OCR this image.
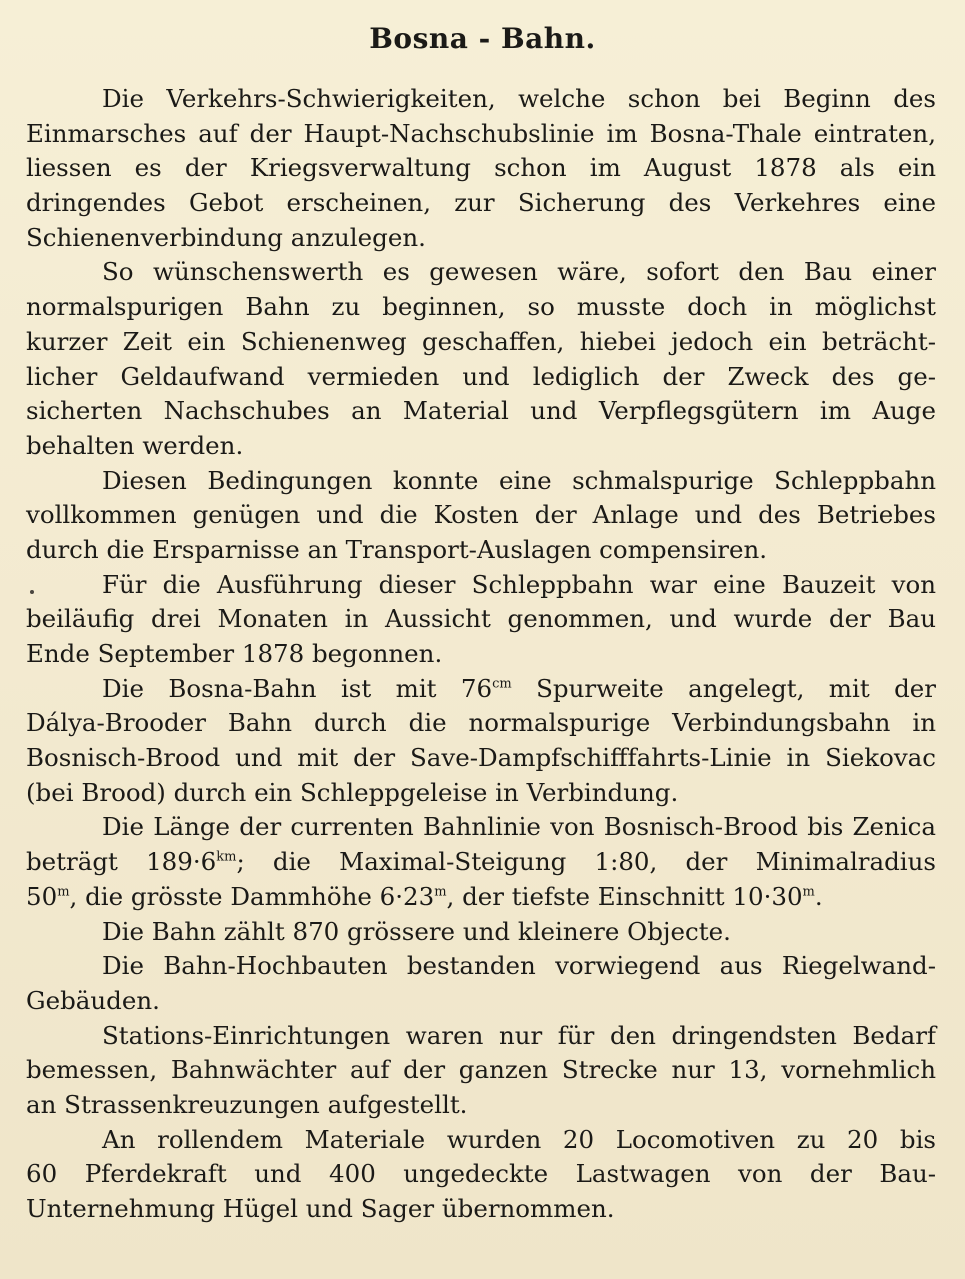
Bosna - Bahn.
Die Verkehrs-Schwierigkeiten, welche schon bei Beginn des
Einmarsches auf der Haupt-Nachschubslinie im Bosna-Thale eintraten,
liessen es der Kriegsverwaltung schon im August 1878 als ein
dringendes Gebot erscheinen, zur Sicherung des Verkehres eine
Schienenverbindung anzulegen.
So wünschenswerth es gewesen wäre, sofort den Bau einer
normalspurigen Bahn zu beginnen, so musste doch in möglichst
kurzer Zeit ein Schienenweg geschaffen, hiebei jedoch ein beträcht-
licher Geldaufwand vermieden und lediglich der Zweck des ge-
sicherten Nachschubes an Material und Verpflegsgütern im Auge
behalten werden.
Diesen Bedingungen konnte eine schmalspurige Schleppbahn
vollkommen genügen und die Kosten der Anlage und des Betriebes
durch die Ersparnisse an Transport-Auslagen compensiren.
Für die Ausführung dieser Schleppbahn war eine Bauzeit von
beiläufig drei Monaten in Aussicht genommen, und wurde der Bau
Ende September 1878 begonnen.
Die Bosna-Bahn ist mit $76^{cm}$ Spurweite angelegt, mit der
Dálya-Brooder Bahn durch die normalspurige Verbindungsbahn in
Bosnisch-Brood und mit der Save-Dampfschifffahrts-Linie in Siekovac
(bei Brood) durch ein Schleppgeleise in Verbindung.
Die Länge der currenten Bahnlinie von Bosnisch-Brood bis Zenica
beträgt $189\cdot 6^{km}$; die Maximal-Steigung 1:80, der Minimalradius
50$^m$, die grösste Dammhöhe $6\cdot 23^m$, der tiefste Einschnitt $10\cdot 30^m$.
Die Bahn zählt 870 grössere und kleinere Objecte.
Die Bahn-Hochbauten bestanden vorwiegend aus Riegelwand-
Gebäuden.
Stations-Einrichtungen waren nur für den dringendsten Bedarf
bemessen, Bahnwächter auf der ganzen Strecke nur 13, vornehmlich
an Strassenkreuzungen aufgestellt.
An rollendem Materiale wurden 20 Locomotiven zu 20 bis
60 Pferdekraft und 400 ungedeckte Lastwagen von der Bau-
Unternehmung Hügel und Sager übernommen.
